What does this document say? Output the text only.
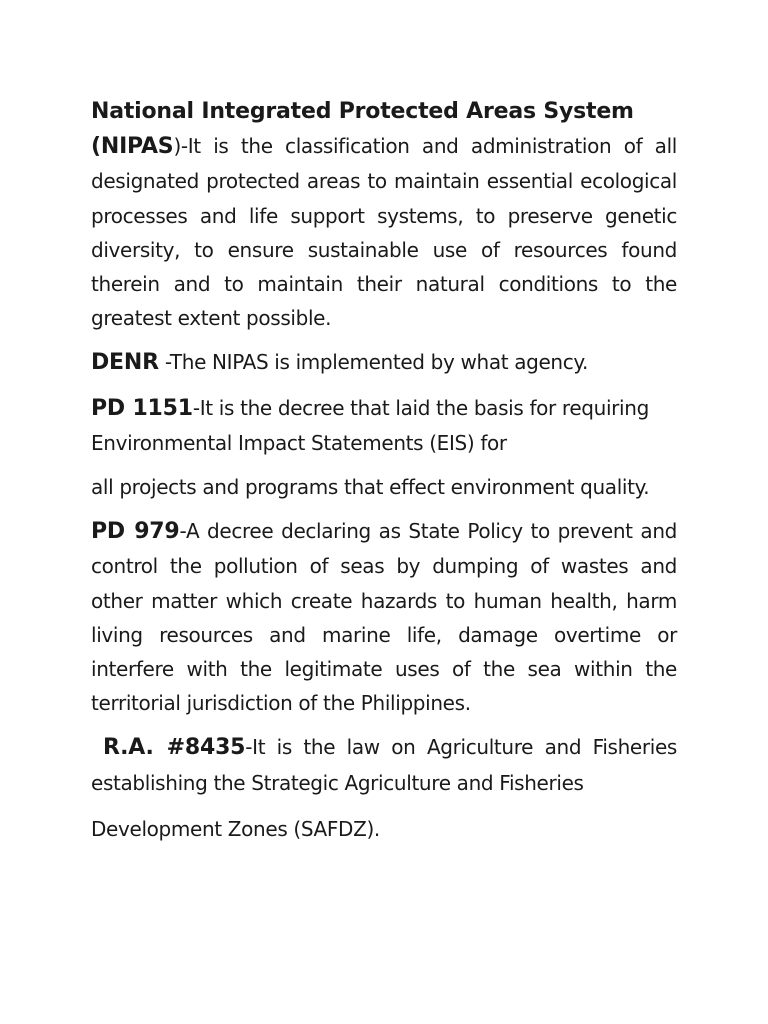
National Integrated Protected Areas System
(NIPAS)-It is the classification and administration of all designated protected areas to maintain essential ecological processes and life support systems, to preserve genetic diversity, to ensure sustainable use of resources found therein and to maintain their natural conditions to the greatest extent possible.

DENR -The NIPAS is implemented by what agency.

PD 1151-It is the decree that laid the basis for requiring Environmental Impact Statements (EIS) for

all projects and programs that effect environment quality.

PD 979-A decree declaring as State Policy to prevent and control the pollution of seas by dumping of wastes and other matter which create hazards to human health, harm living resources and marine life, damage overtime or interfere with the legitimate uses of the sea within the territorial jurisdiction of the Philippines.

R.A. #8435-It is the law on Agriculture and Fisheries establishing the Strategic Agriculture and Fisheries

Development Zones (SAFDZ).
